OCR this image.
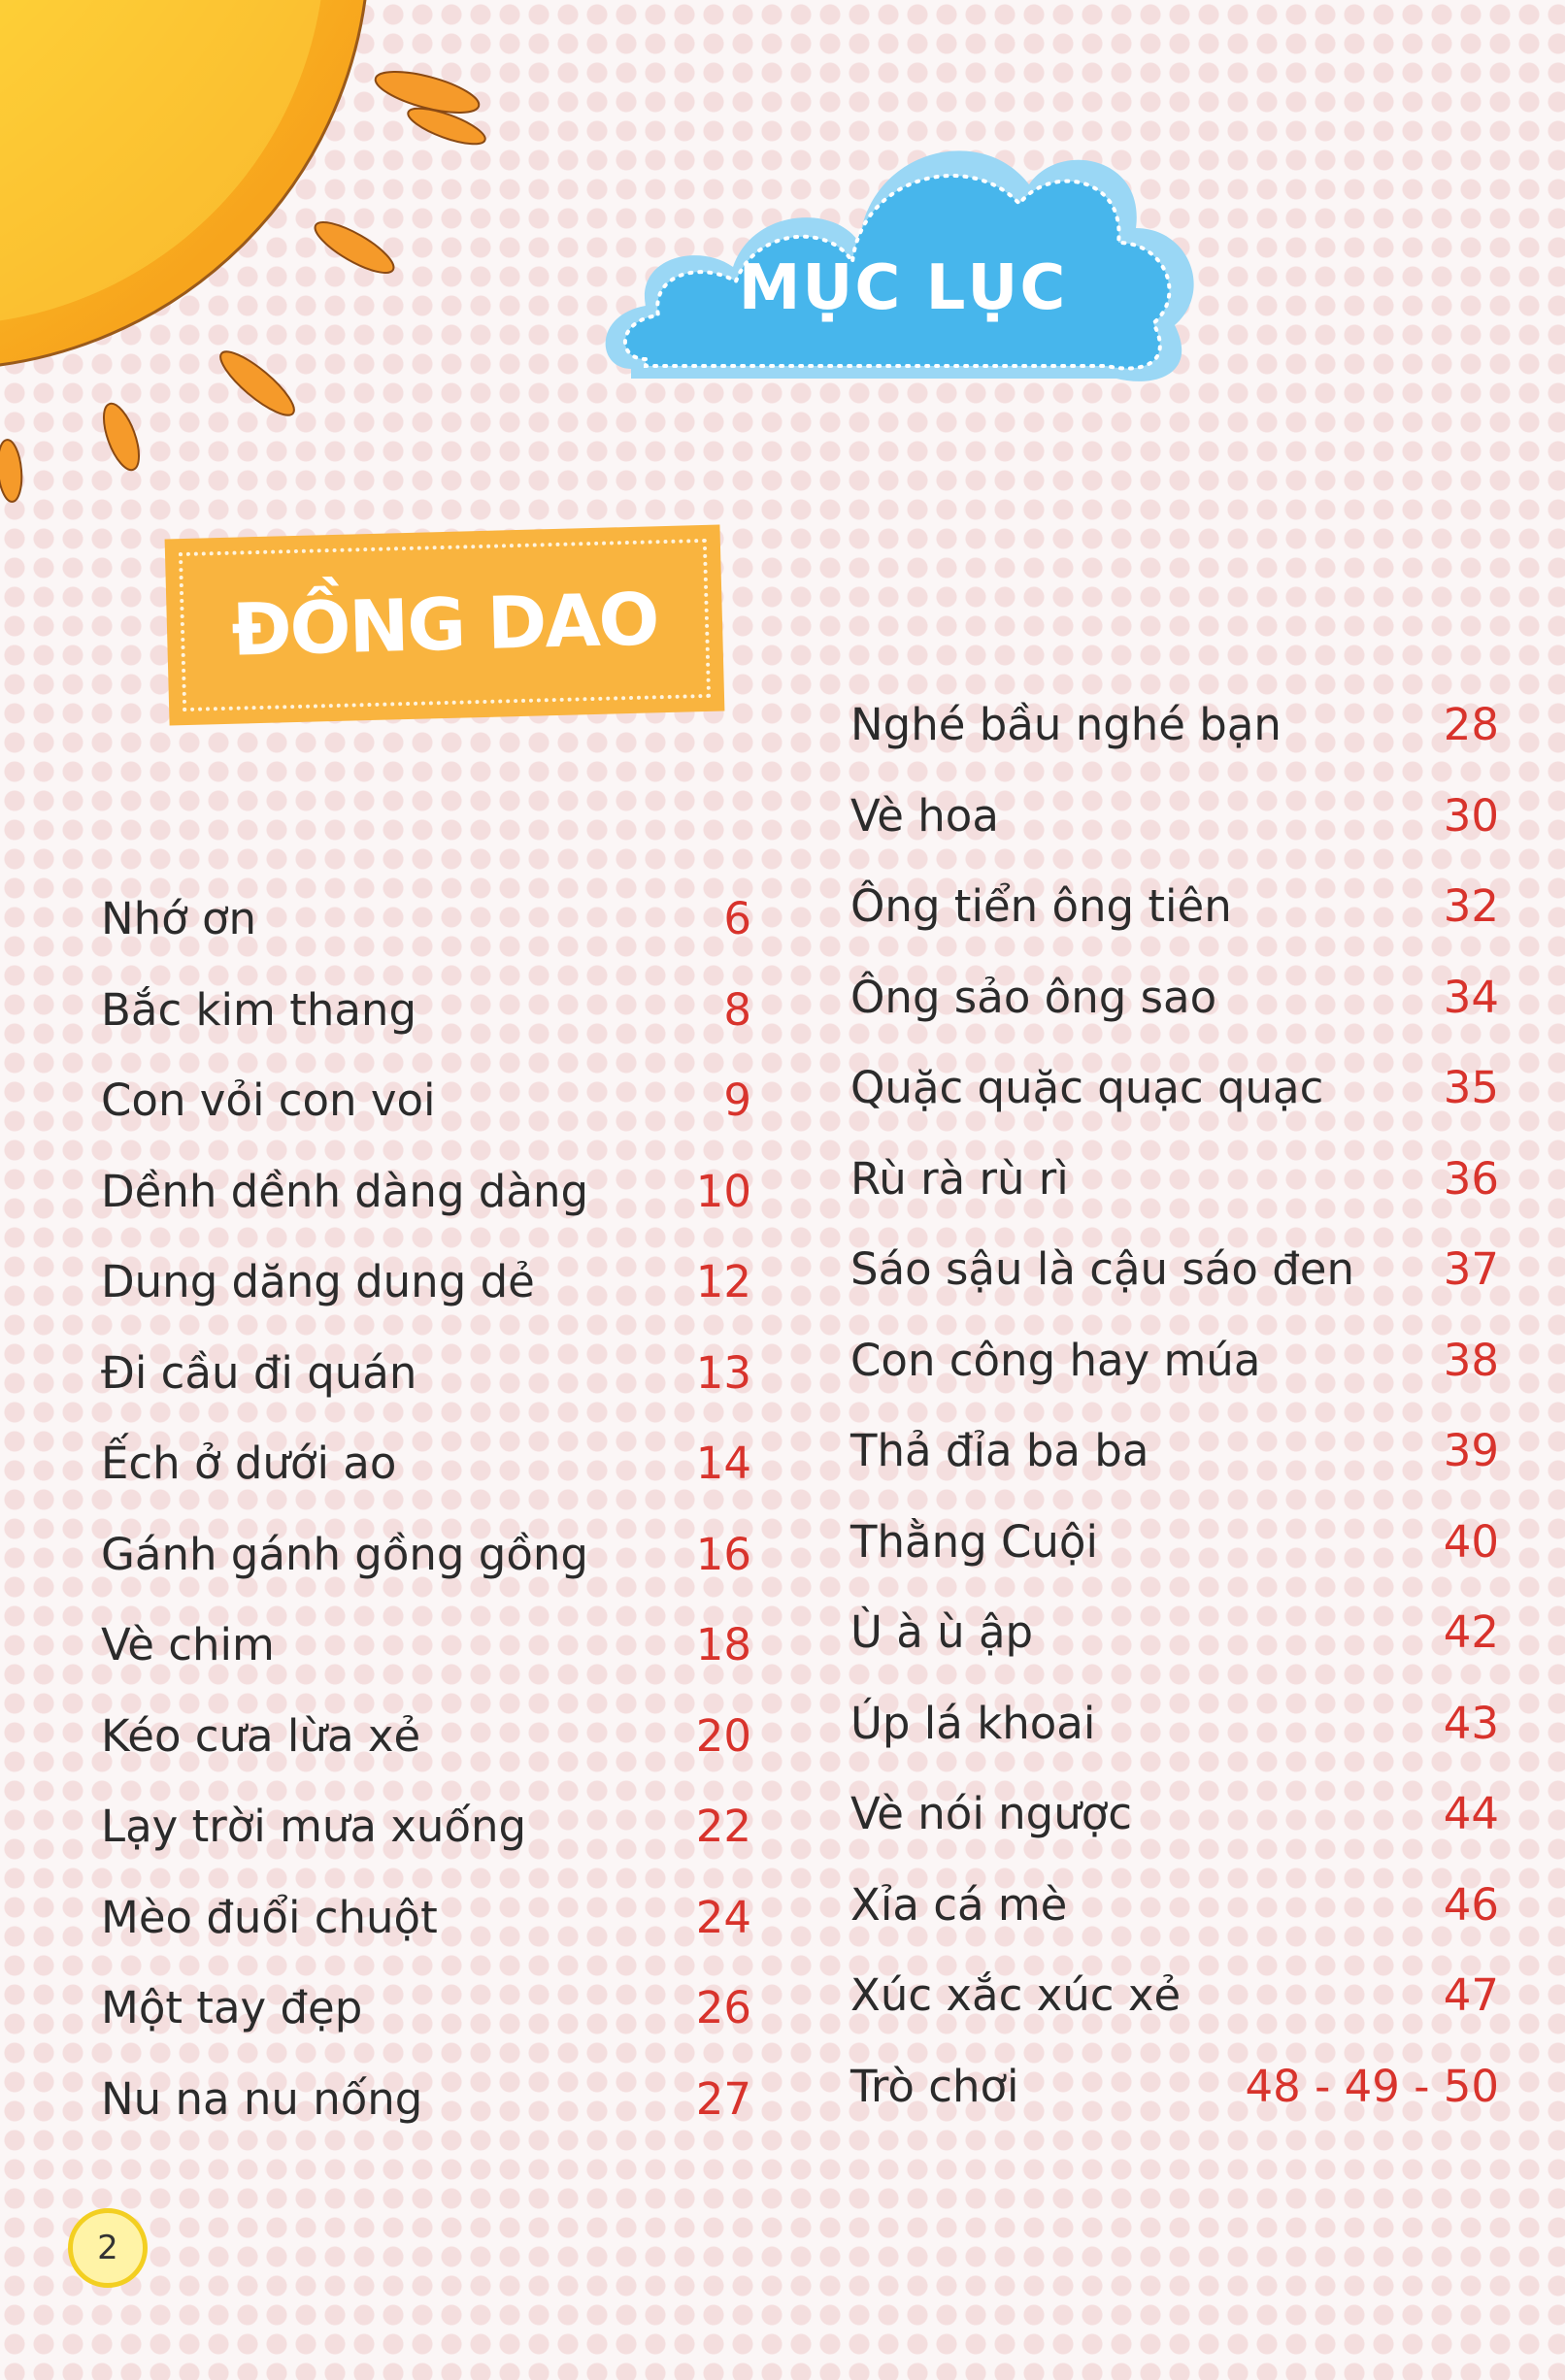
MỤC LỤC
ĐỒNG DAO
Nhớ ơn	6
Bắc kim thang	8
Con vỏi con voi	9
Dềnh dềnh dàng dàng 10
Dung dăng dung dẻ	12
Đi cầu đi quán	13
Ếch ở dưới ao	14
Gánh gánh gồng gồng 16
Vè chim	18
Kéo cưa lừa xẻ	20
Lạy trời mưa xuống	22
Mèo đuổi chuột	24
Một tay đẹp	26
Nu na nu nống	27
Nghé bầu nghé bạn	28
Vè hoa	30
Ông tiển ông tiên	32
Ông sảo ông sao	34
Quặc quặc quạc quạc	35
Rù rà rù rì	36
Sáo sậu là cậu sáo đen 37
Con công hay múa	38
Thả đỉa ba ba	39
Thằng Cuội	40
Ù à ù ập	42
Úp lá khoai	43
Vè nói ngược	44
Xỉa cá mè	46
Xúc xắc xúc xẻ	47
Trò chơi	48 - 49 - 50
2
